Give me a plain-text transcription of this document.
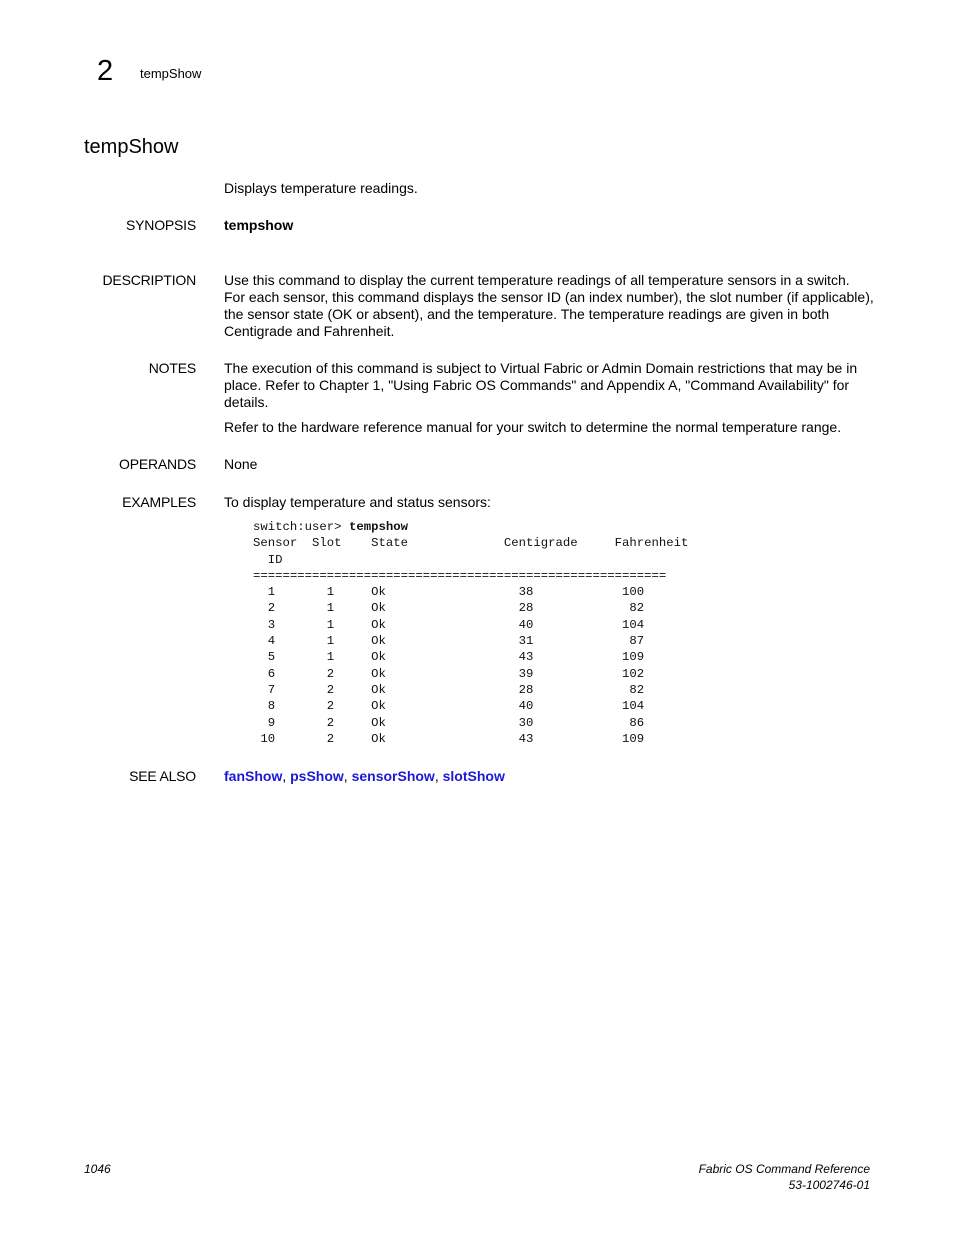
2 tempShow
tempShow
Displays temperature readings.
SYNOPSIS tempshow
DESCRIPTION Use this command to display the current temperature readings of all temperature sensors in a switch. For each sensor, this command displays the sensor ID (an index number), the slot number (if applicable), the sensor state (OK or absent), and the temperature. The temperature readings are given in both Centigrade and Fahrenheit.
NOTES The execution of this command is subject to Virtual Fabric or Admin Domain restrictions that may be in place. Refer to Chapter 1, "Using Fabric OS Commands" and Appendix A, "Command Availability" for details.
Refer to the hardware reference manual for your switch to determine the normal temperature range.
OPERANDS None
EXAMPLES To display temperature and status sensors:
switch:user> tempshow
Sensor  Slot    State             Centigrade     Fahrenheit
ID
========================================================
1       1     Ok                  38            100
2       1     Ok                  28             82
3       1     Ok                  40            104
4       1     Ok                  31             87
5       1     Ok                  43            109
6       2     Ok                  39            102
7       2     Ok                  28             82
8       2     Ok                  40            104
9       2     Ok                  30             86
10       2     Ok                  43            109
SEE ALSO fanShow, psShow, sensorShow, slotShow
1046	Fabric OS Command Reference
53-1002746-01
